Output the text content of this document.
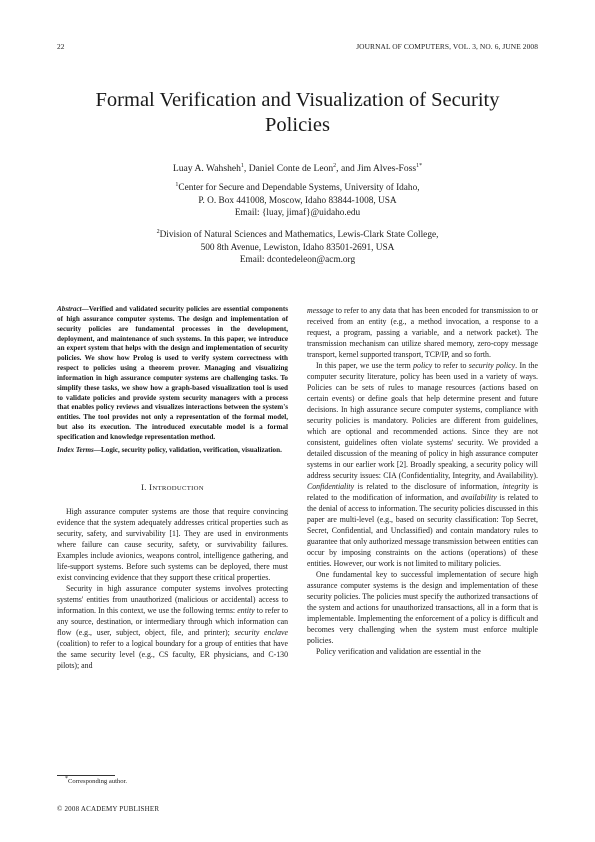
22	JOURNAL OF COMPUTERS, VOL. 3, NO. 6, JUNE 2008
Formal Verification and Visualization of Security
Policies
Luay A. Wahsheh$^1$, Daniel Conte de Leon$^2$, and Jim Alves-Foss$^{1*}$
$^1$Center for Secure and Dependable Systems, University of Idaho,
P. O. Box 441008, Moscow, Idaho 83844-1008, USA
Email: {luay, jimaf}@uidaho.edu
$^2$Division of Natural Sciences and Mathematics, Lewis-Clark State College,
500 8th Avenue, Lewiston, Idaho 83501-2691, USA
Email: dcontedeleon@acm.org

Abstract—Verified and validated security policies are essential components of high assurance computer systems. The design and implementation of security policies are fundamental processes in the development, deployment, and maintenance of such systems. In this paper, we introduce an expert system that helps with the design and implementation of security policies. We show how Prolog is used to verify system correctness with respect to policies using a theorem prover. Managing and visualizing information in high assurance computer systems are challenging tasks. To simplify these tasks, we show how a graph-based visualization tool is used to validate policies and provide system security managers with a process that enables policy reviews and visualizes interactions between the system's entities. The tool provides not only a representation of the formal model, but also its execution. The introduced executable model is a formal specification and knowledge representation method.

Index Terms—Logic, security policy, validation, verification, visualization.

I. INTRODUCTION

High assurance computer systems are those that require convincing evidence that the system adequately addresses critical properties such as security, safety, and survivability [1]. They are used in environments where failure can cause security, safety, or survivability failures. Examples include avionics, weapons control, intelligence gathering, and life-support systems. Before such systems can be deployed, there must exist convincing evidence that they support these critical properties.

Security in high assurance computer systems involves protecting systems' entities from unauthorized (malicious or accidental) access to information. In this context, we use the following terms: entity to refer to any source, destination, or intermediary through which information can flow (e.g., user, subject, object, file, and printer); security enclave (coalition) to refer to a logical boundary for a group of entities that have the same security level (e.g., CS faculty, ER physicians, and C-130 pilots); and

message to refer to any data that has been encoded for transmission to or received from an entity (e.g., a method invocation, a response to a request, a program, passing a variable, and a network packet). The transmission mechanism can utilize shared memory, zero-copy message transport, kernel supported transport, TCP/IP, and so forth.

In this paper, we use the term policy to refer to security policy. In the computer security literature, policy has been used in a variety of ways. Policies can be sets of rules to manage resources (actions based on certain events) or define goals that help determine present and future decisions. In high assurance secure computer systems, compliance with security policies is mandatory. Policies are different from guidelines, which are optional and recommended actions. Since they are not consistent, guidelines often violate systems' security. We provided a detailed discussion of the meaning of policy in high assurance computer systems in our earlier work [2]. Broadly speaking, a security policy will address security issues: CIA (Confidentiality, Integrity, and Availability). Confidentiality is related to the disclosure of information, integrity is related to the modification of information, and availability is related to the denial of access to information. The security policies discussed in this paper are multi-level (e.g., based on security classification: Top Secret, Secret, Confidential, and Unclassified) and contain mandatory rules to guarantee that only authorized message transmission between entities can occur by imposing constraints on the actions (operations) of these entities. However, our work is not limited to military policies.

One fundamental key to successful implementation of secure high assurance computer systems is the design and implementation of these security policies. The policies must specify the authorized transactions of the system and actions for unauthorized transactions, all in a form that is implementable. Implementing the enforcement of a policy is difficult and becomes very challenging when the system must enforce multiple policies.

Policy verification and validation are essential in the

*Corresponding author.
© 2008 ACADEMY PUBLISHER
